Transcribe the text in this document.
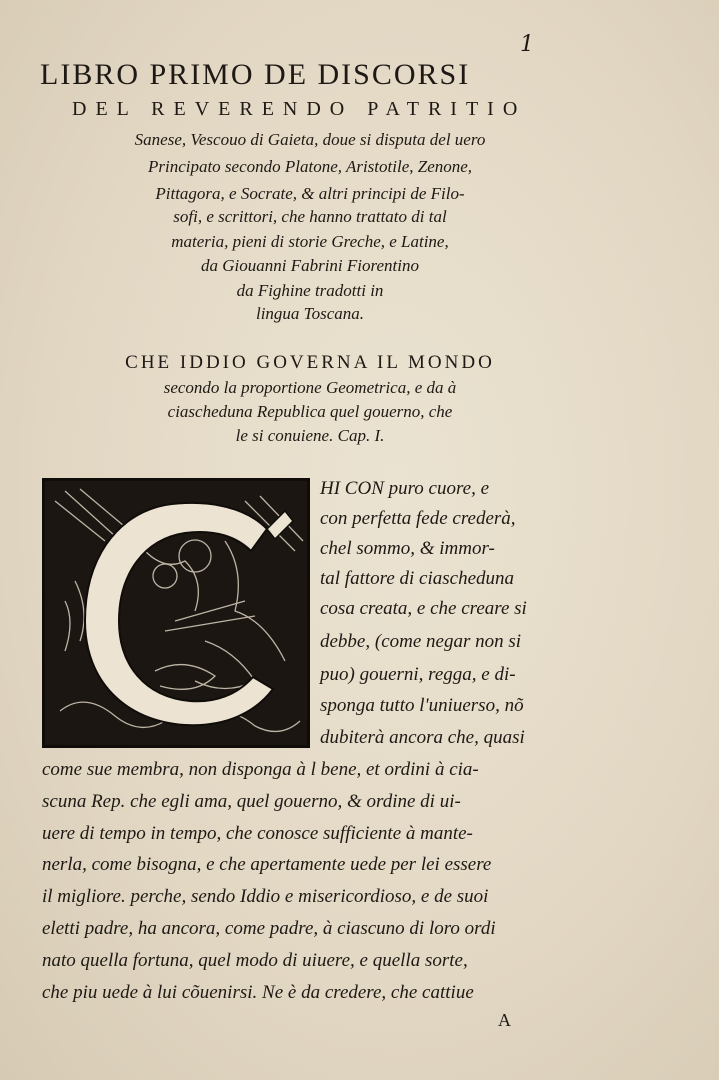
1
LIBRO PRIMO DE DISCORSI
DEL REVERENDO PATRITIO
Sanese, Vescouo di Gaieta, doue si disputa del uero
Principato secondo Platone, Aristotile, Zenone,
Pittagora, e Socrate, & altri principi de Filo-
sofi, e scrittori, che hanno trattato di tal
materia, pieni di storie Greche, e Latine,
da Giouanni Fabrini Fiorentino
da Fighine tradotti in
lingua Toscana.
CHE IDDIO GOVERNA IL MONDO
secondo la proportione Geometrica, e da à
ciascheduna Republica quel gouerno, che
le si conuiene. Cap. I.
HI CON puro cuore, e
con perfetta fede crederà,
chel sommo, & immor-
tal fattore di ciascheduna
cosa creata, e che creare si
debbe, (come negar non si
puo) gouerni, regga, e di-
sponga tutto l'uniuerso, nõ
dubiterà ancora che, quasi
come sue membra, non disponga à l bene, et ordini à cia-
scuna Rep. che egli ama, quel gouerno, & ordine di ui-
uere di tempo in tempo, che conosce sufficiente à mante-
nerla, come bisogna, e che apertamente uede per lei essere
il migliore. perche, sendo Iddio e misericordioso, e de suoi
eletti padre, ha ancora, come padre, à ciascuno di loro ordi
nato quella fortuna, quel modo di uiuere, e quella sorte,
che piu uede à lui cõuenirsi. Ne è da credere, che cattiue
A
